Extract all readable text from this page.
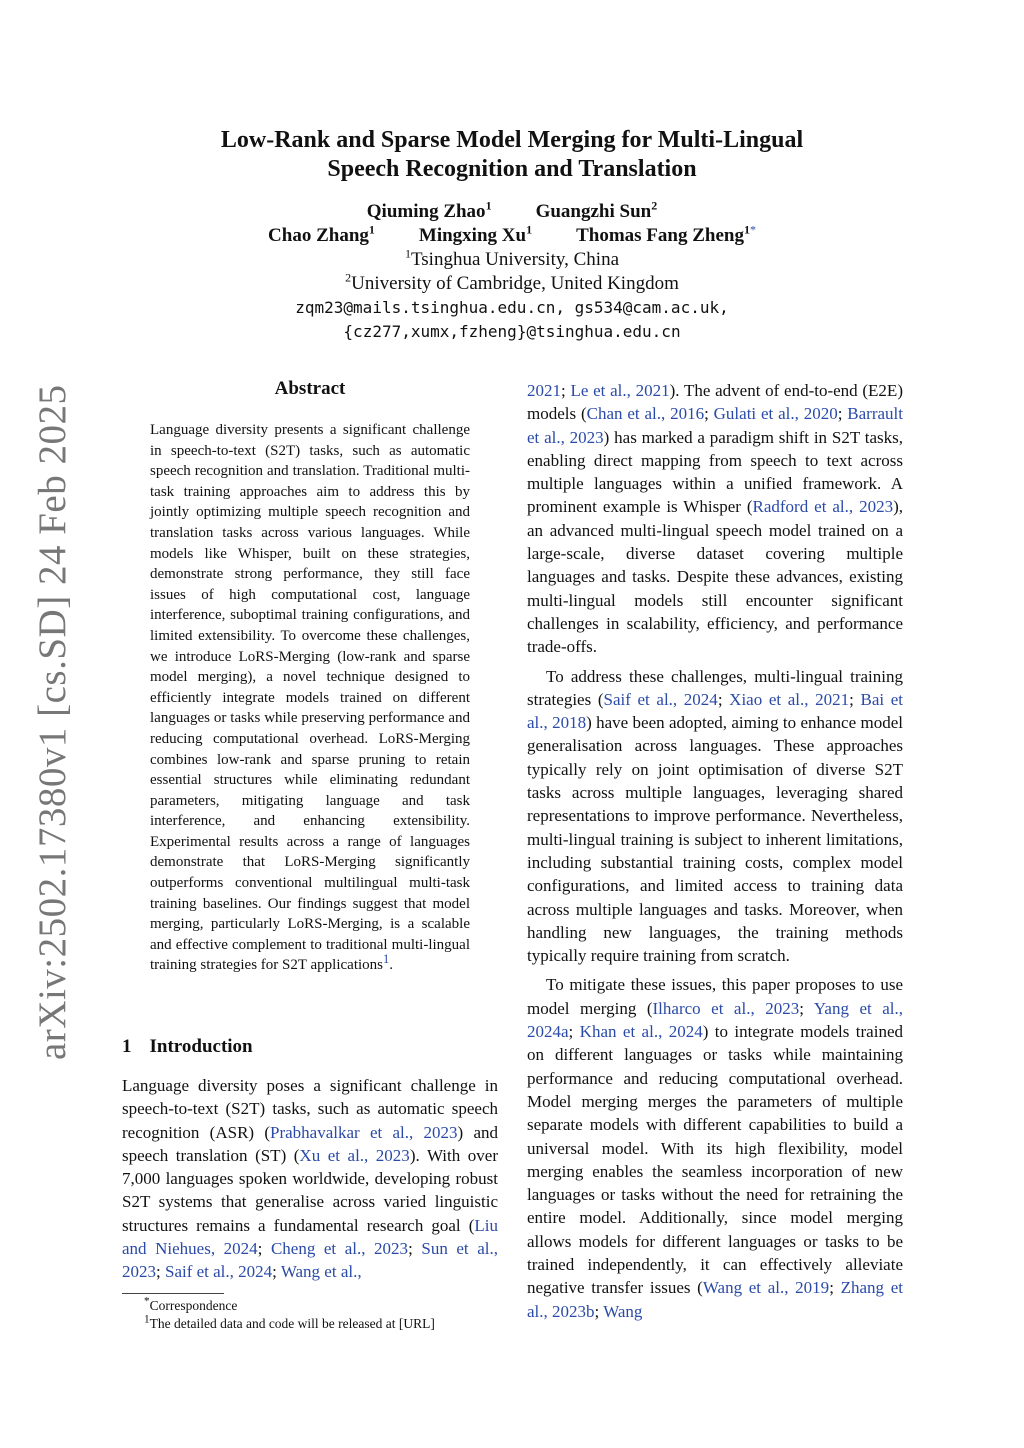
arXiv:2502.17380v1 [cs.SD] 24 Feb 2025
Low-Rank and Sparse Model Merging for Multi-Lingual
Speech Recognition and Translation
Qiuming Zhao$^1$ Guangzhi Sun$^2$
Chao Zhang$^1$ Mingxing Xu$^1$ Thomas Fang Zheng$^{1*}$
$^1$Tsinghua University, China
$^2$University of Cambridge, United Kingdom
zqm23@mails.tsinghua.edu.cn, gs534@cam.ac.uk,
{cz277,xumx,fzheng}@tsinghua.edu.cn
Abstract
Language diversity presents a significant challenge in speech-to-text (S2T) tasks, such as automatic speech recognition and translation. Traditional multi-task training approaches aim to address this by jointly optimizing multiple speech recognition and translation tasks across various languages. While models like Whisper, built on these strategies, demonstrate strong performance, they still face issues of high computational cost, language interference, suboptimal training configurations, and limited extensibility. To overcome these challenges, we introduce LoRS-Merging (low-rank and sparse model merging), a novel technique designed to efficiently integrate models trained on different languages or tasks while preserving performance and reducing computational overhead. LoRS-Merging combines low-rank and sparse pruning to retain essential structures while eliminating redundant parameters, mitigating language and task interference, and enhancing extensibility. Experimental results across a range of languages demonstrate that LoRS-Merging significantly outperforms conventional multilingual multi-task training baselines. Our findings suggest that model merging, particularly LoRS-Merging, is a scalable and effective complement to traditional multi-lingual training strategies for S2T applications$^1$.
1 Introduction
Language diversity poses a significant challenge in speech-to-text (S2T) tasks, such as automatic speech recognition (ASR) (Prabhavalkar et al., 2023) and speech translation (ST) (Xu et al., 2023). With over 7,000 languages spoken worldwide, developing robust S2T systems that generalise across varied linguistic structures remains a fundamental research goal (Liu and Niehues, 2024; Cheng et al., 2023; Sun et al., 2023; Saif et al., 2024; Wang et al.,

*Correspondence

$^1$The detailed data and code will be released at [URL]

2021; Le et al., 2021). The advent of end-to-end (E2E) models (Chan et al., 2016; Gulati et al., 2020; Barrault et al., 2023) has marked a paradigm shift in S2T tasks, enabling direct mapping from speech to text across multiple languages within a unified framework. A prominent example is Whisper (Radford et al., 2023), an advanced multi-lingual speech model trained on a large-scale, diverse dataset covering multiple languages and tasks. Despite these advances, existing multi-lingual models still encounter significant challenges in scalability, efficiency, and performance trade-offs.

To address these challenges, multi-lingual training strategies (Saif et al., 2024; Xiao et al., 2021; Bai et al., 2018) have been adopted, aiming to enhance model generalisation across languages. These approaches typically rely on joint optimisation of diverse S2T tasks across multiple languages, leveraging shared representations to improve performance. Nevertheless, multi-lingual training is subject to inherent limitations, including substantial training costs, complex model configurations, and limited access to training data across multiple languages and tasks. Moreover, when handling new languages, the training methods typically require training from scratch.

To mitigate these issues, this paper proposes to use model merging (Ilharco et al., 2023; Yang et al., 2024a; Khan et al., 2024) to integrate models trained on different languages or tasks while maintaining performance and reducing computational overhead. Model merging merges the parameters of multiple separate models with different capabilities to build a universal model. With its high flexibility, model merging enables the seamless incorporation of new languages or tasks without the need for retraining the entire model. Additionally, since model merging allows models for different languages or tasks to be trained independently, it can effectively alleviate negative transfer issues (Wang et al., 2019; Zhang et al., 2023b; Wang
